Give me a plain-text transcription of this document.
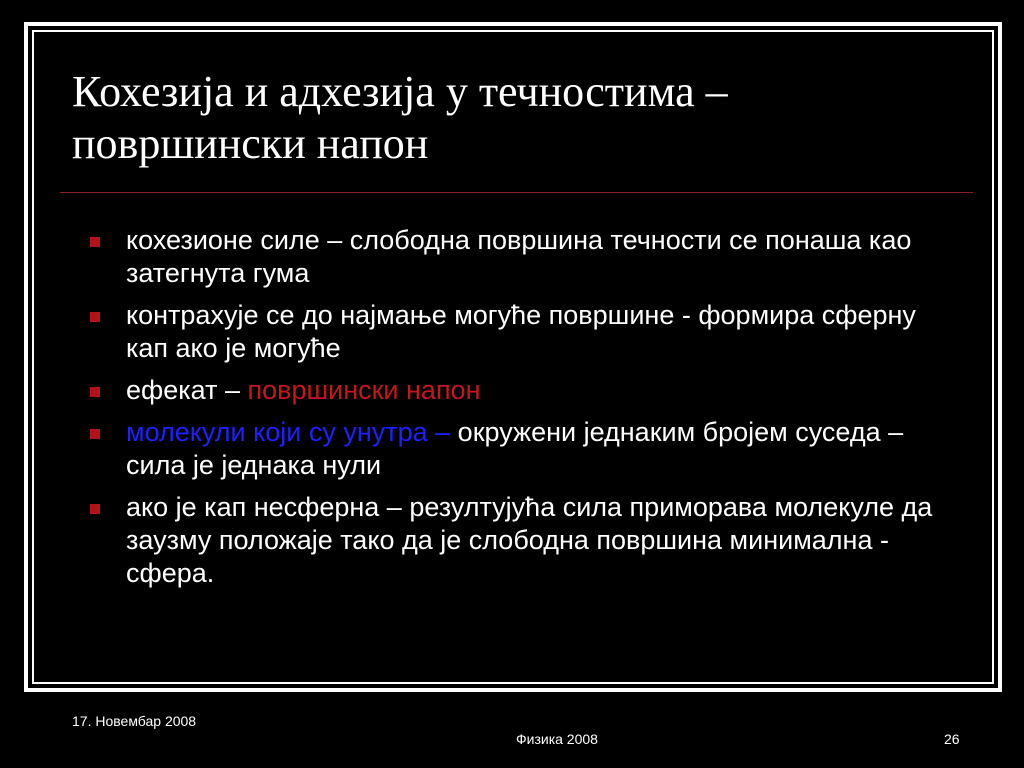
Кохезија и адхезија у течностима –
површински напон
кохезионе силе – слободна површина течности се понаша као затегнута гума
контрахује се до најмање могуће површине - формира сферну кап ако је могуће
ефекат – површински напон
молекули који су унутра – окружени једнаким бројем суседа – сила је једнака нули
ако је кап несферна – резултујућа сила приморава молекуле да заузму положаје тако да је слободна површина минимална - сфера.
17. Новембар 2008
Физика 2008	26
